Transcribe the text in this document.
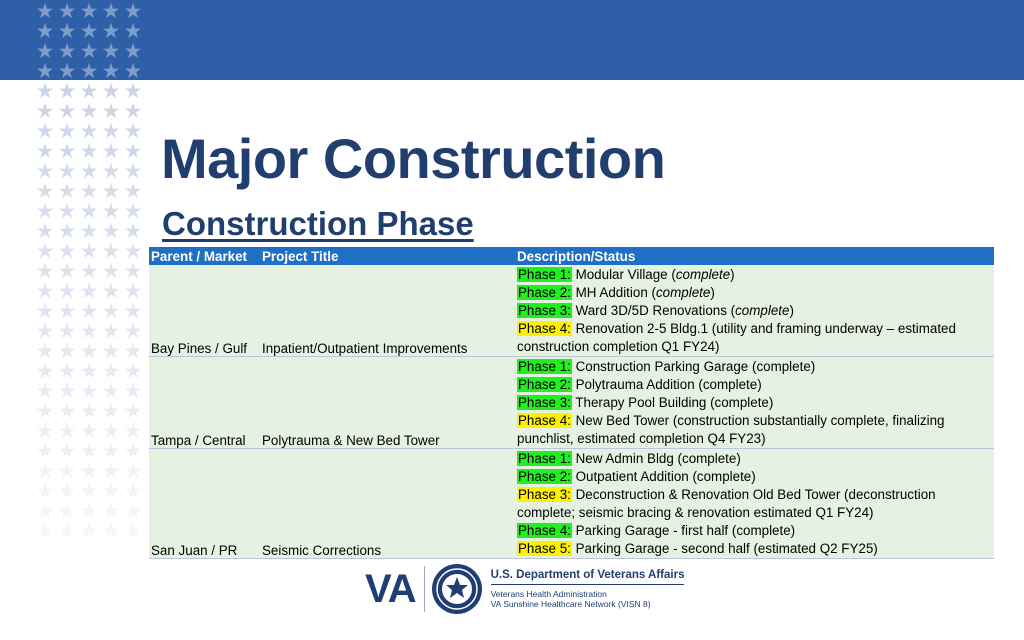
★ ★ ★ ★ ★
★ ★ ★ ★ ★
★ ★ ★ ★ ★
★ ★ ★ ★ ★
★ ★ ★ ★ ★
★ ★ ★ ★ ★
★ ★ ★ ★ ★
★ ★ ★ ★ ★
★ ★ ★ ★ ★
★ ★ ★ ★ ★
★ ★ ★ ★ ★
★ ★ ★ ★ ★
★ ★ ★ ★ ★
★ ★ ★ ★ ★
★ ★ ★ ★ ★
★ ★ ★ ★ ★
★ ★ ★ ★ ★
★ ★ ★ ★ ★
★ ★ ★ ★ ★
★ ★ ★ ★ ★
★ ★ ★ ★ ★
★ ★ ★ ★ ★
★ ★ ★ ★ ★
★ ★ ★ ★ ★
★ ★ ★ ★ ★
★ ★ ★ ★ ★
★ ★ ★ ★ ★
Major Construction
Construction Phase
Parent / Market	Project Title	Description/Status
Bay Pines / Gulf	Inpatient/Outpatient Improvements	Phase 1: Modular Village (complete)
Phase 2: MH Addition (complete)
Phase 3: Ward 3D/5D Renovations (complete)
Phase 4: Renovation 2-5 Bldg.1 (utility and framing underway – estimated construction completion Q1 FY24)

Tampa / Central	Polytrauma & New Bed Tower	Phase 1: Construction Parking Garage (complete)
Phase 2: Polytrauma Addition (complete)
Phase 3: Therapy Pool Building (complete)
Phase 4: New Bed Tower (construction substantially complete, finalizing punchlist, estimated completion Q4 FY23)

San Juan / PR	Seismic Corrections	Phase 1: New Admin Bldg (complete)
Phase 2: Outpatient Addition (complete)
Phase 3: Deconstruction & Renovation Old Bed Tower (deconstruction complete; seismic bracing & renovation estimated Q1 FY24)
Phase 4: Parking Garage - first half (complete)
Phase 5: Parking Garage - second half (estimated Q2 FY25)
VA	U.S. Department of Veterans Affairs
Veterans Health Administration
VA Sunshine Healthcare Network (VISN 8)
